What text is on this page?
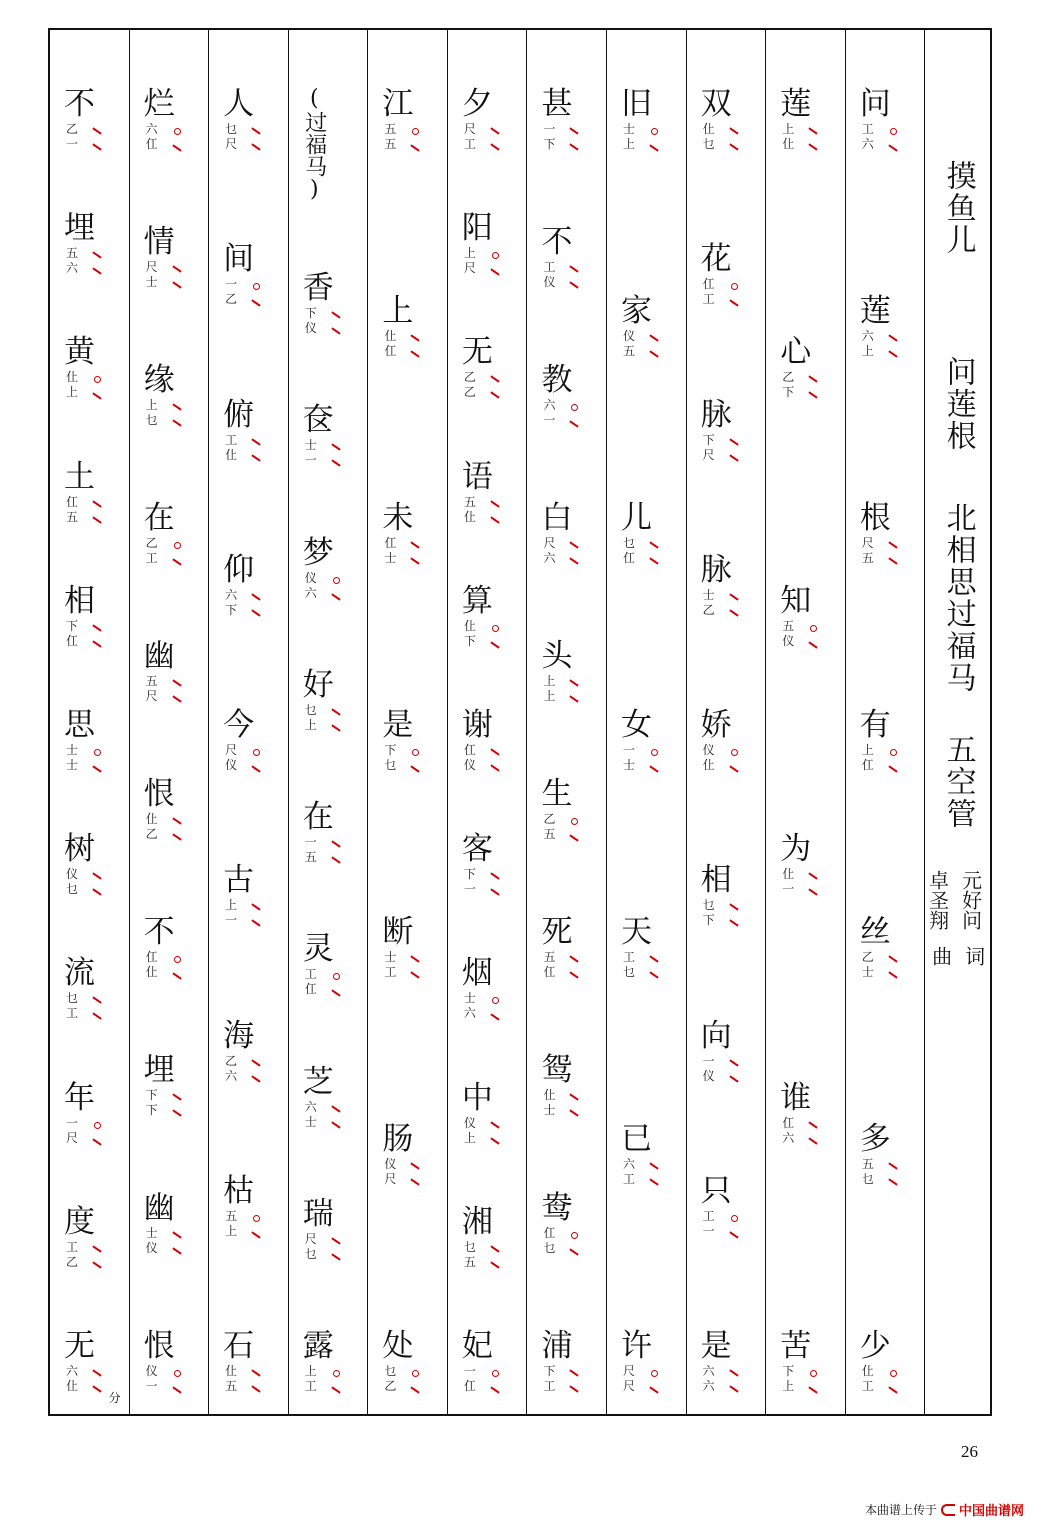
不
乙
一
埋
五
六
黄
仩
上
土
仜
五
相
下
仜
思
士
士
树
仪
乜
流
乜
工
年
一
尺
度
工
乙
无
六
仩
分
烂
六
仜
情
尺
士
缘
上
乜
在
乙
工
幽
五
尺
恨
仩
乙
不
仜
仩
埋
下
下
幽
士
仪
恨
仪
一
人
乜
尺
间
一
乙
俯
工
仩
仰
六
下
今
尺
仪
古
上
一
海
乙
六
枯
五
上
石
仩
五
(过福马)
香
下
仪
奁
士
一
梦
仪
六
好
乜
上
在
一
五
灵
工
仜
芝
六
士
瑞
尺
乜
露
上
工
江
五
五
上
仩
仜
未
仜
士
是
下
乜
断
士
工
肠
仪
尺
处
乜
乙
夕
尺
工
阳
上
尺
无
乙
乙
语
五
仩
算
仩
下
谢
仜
仪
客
下
一
烟
士
六
中
仪
上
湘
乜
五
妃
一
仜
甚
一
下
不
工
仪
教
六
一
白
尺
六
头
上
上
生
乙
五
死
五
仜
鸳
仩
士
鸯
仜
乜
浦
下
工
旧
士
上
家
仪
五
儿
乜
仜
女
一
士
天
工
乜
已
六
工
许
尺
尺
双
仩
乜
花
仜
工
脉
下
尺
脉
士
乙
娇
仪
仩
相
乜
下
向
一
仪
只
工
一
是
六
六
莲
上
仩
心
乙
下
知
五
仪
为
仩
一
谁
仜
六
苦
下
上
问
工
六
莲
六
上
根
尺
五
有
上
仜
丝
乙
士
多
五
乜
少
仩
工
摸鱼儿
问莲根
北相思过福马
五空管
元好问
词
卓圣翔
曲
26
本曲谱上传于 中国曲谱网
